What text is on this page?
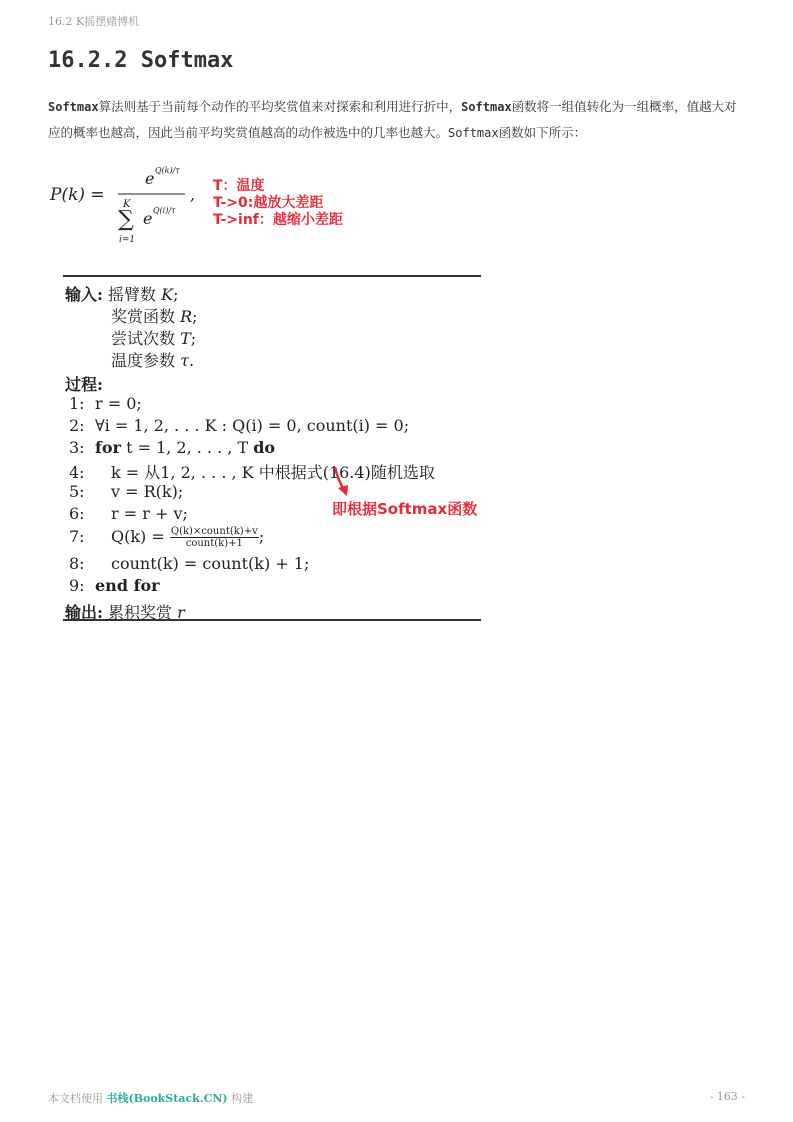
16.2 K摇摆赌博机
16.2.2 Softmax
Softmax算法则基于当前每个动作的平均奖赏值来对探索和利用进行折中，Softmax函数将一组值转化为一组概率，值越大对应的概率也越高，因此当前平均奖赏值越高的动作被选中的几率也越大。Softmax函数如下所示：
P(k) =
e Q(k)/τ
,
K
∑
i=1
e Q(i)/τ
T：温度
T->0:越放大差距
T->inf：越缩小差距
输入: 摇臂数 K;
奖赏函数 R;
尝试次数 T;
温度参数 τ.
过程:
1: r = 0;
2: ∀i = 1, 2, . . . K : Q(i) = 0, count(i) = 0;
3: for t = 1, 2, . . . , T do
4: k = 从1, 2, . . . , K 中根据式(16.4)随机选取
5: v = R(k);
6: r = r + v;
7: $Q(k) = \frac{\text{Q(k)×count(k)+v}}{\text{count(k)+1}}$ ;
8: count(k) = count(k) + 1;
9: end for
输出: 累积奖赏 r
即根据Softmax函数
本文档使用 书栈(BookStack.CN) 构建	- 163 -
